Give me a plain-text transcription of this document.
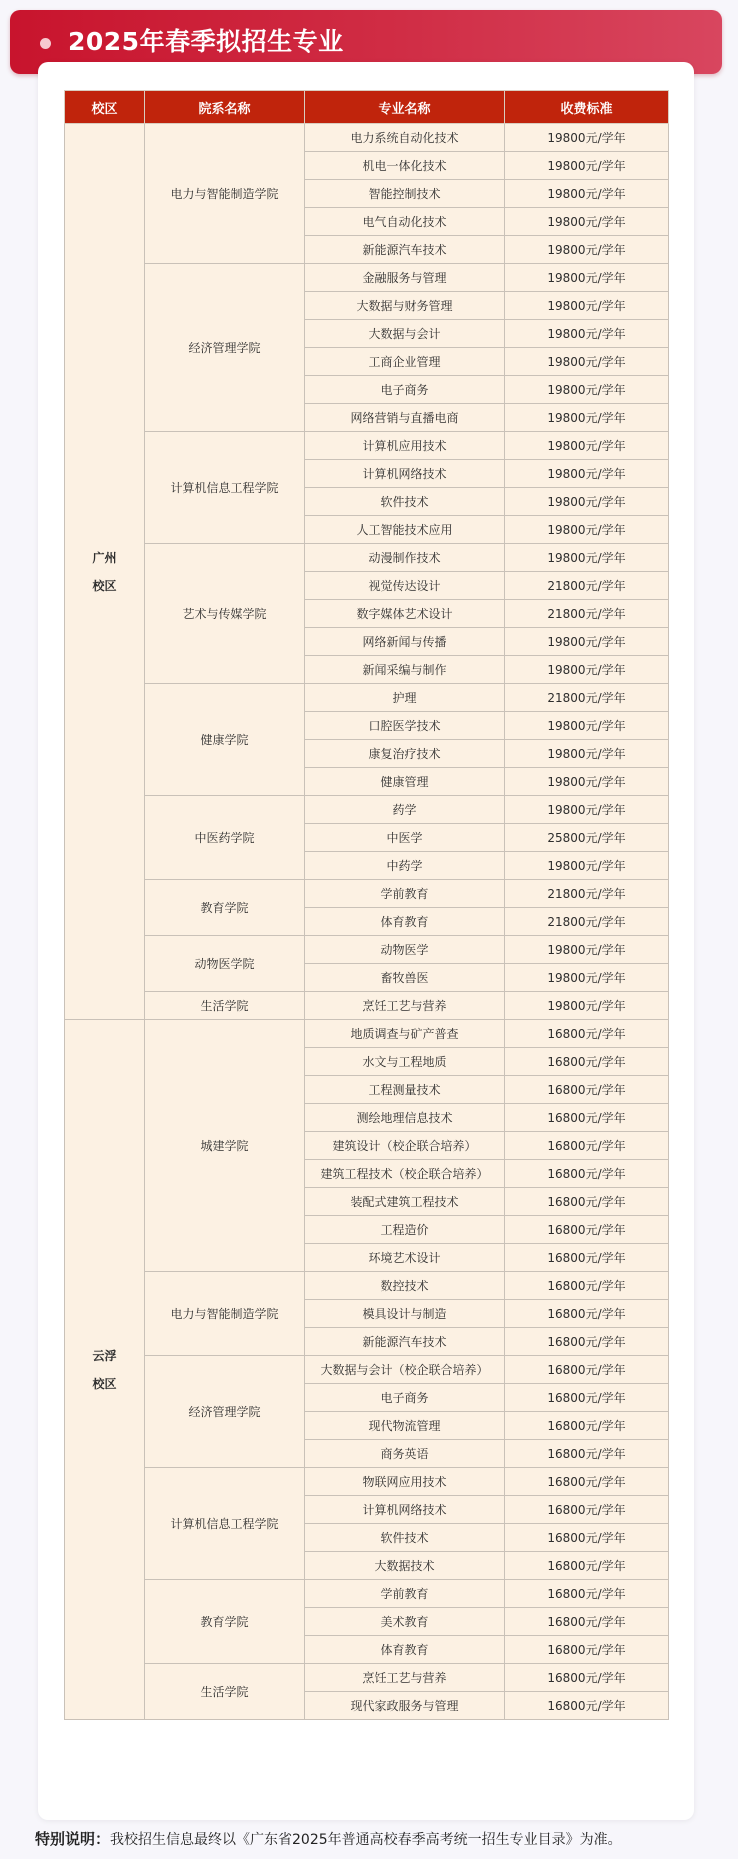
2025年春季拟招生专业
校区	院系名称	专业名称	收费标准

广州
校区	电力与智能制造学院	电力系统自动化技术	19800元/学年
		机电一体化技术	19800元/学年
		智能控制技术	19800元/学年
		电气自动化技术	19800元/学年
		新能源汽车技术	19800元/学年
	经济管理学院	金融服务与管理	19800元/学年
		大数据与财务管理	19800元/学年
		大数据与会计	19800元/学年
		工商企业管理	19800元/学年
		电子商务	19800元/学年
		网络营销与直播电商	19800元/学年
	计算机信息工程学院	计算机应用技术	19800元/学年
		计算机网络技术	19800元/学年
		软件技术	19800元/学年
		人工智能技术应用	19800元/学年
	艺术与传媒学院	动漫制作技术	19800元/学年
		视觉传达设计	21800元/学年
		数字媒体艺术设计	21800元/学年
		网络新闻与传播	19800元/学年
		新闻采编与制作	19800元/学年
	健康学院	护理	21800元/学年
		口腔医学技术	19800元/学年
		康复治疗技术	19800元/学年
		健康管理	19800元/学年
	中医药学院	药学	19800元/学年
		中医学	25800元/学年
		中药学	19800元/学年
	教育学院	学前教育	21800元/学年
		体育教育	21800元/学年
	动物医学院	动物医学	19800元/学年
		畜牧兽医	19800元/学年
	生活学院	烹饪工艺与营养	19800元/学年

云浮
校区	城建学院	地质调查与矿产普查	16800元/学年
		水文与工程地质	16800元/学年
		工程测量技术	16800元/学年
		测绘地理信息技术	16800元/学年
		建筑设计（校企联合培养）	16800元/学年
		建筑工程技术（校企联合培养）	16800元/学年
		装配式建筑工程技术	16800元/学年
		工程造价	16800元/学年
		环境艺术设计	16800元/学年
	电力与智能制造学院	数控技术	16800元/学年
		模具设计与制造	16800元/学年
		新能源汽车技术	16800元/学年
	经济管理学院	大数据与会计（校企联合培养）	16800元/学年
		电子商务	16800元/学年
		现代物流管理	16800元/学年
		商务英语	16800元/学年
	计算机信息工程学院	物联网应用技术	16800元/学年
		计算机网络技术	16800元/学年
		软件技术	16800元/学年
		大数据技术	16800元/学年
	教育学院	学前教育	16800元/学年
		美术教育	16800元/学年
		体育教育	16800元/学年
	生活学院	烹饪工艺与营养	16800元/学年
		现代家政服务与管理	16800元/学年
特别说明：我校招生信息最终以《广东省2025年普通高校春季高考统一招生专业目录》为准。
